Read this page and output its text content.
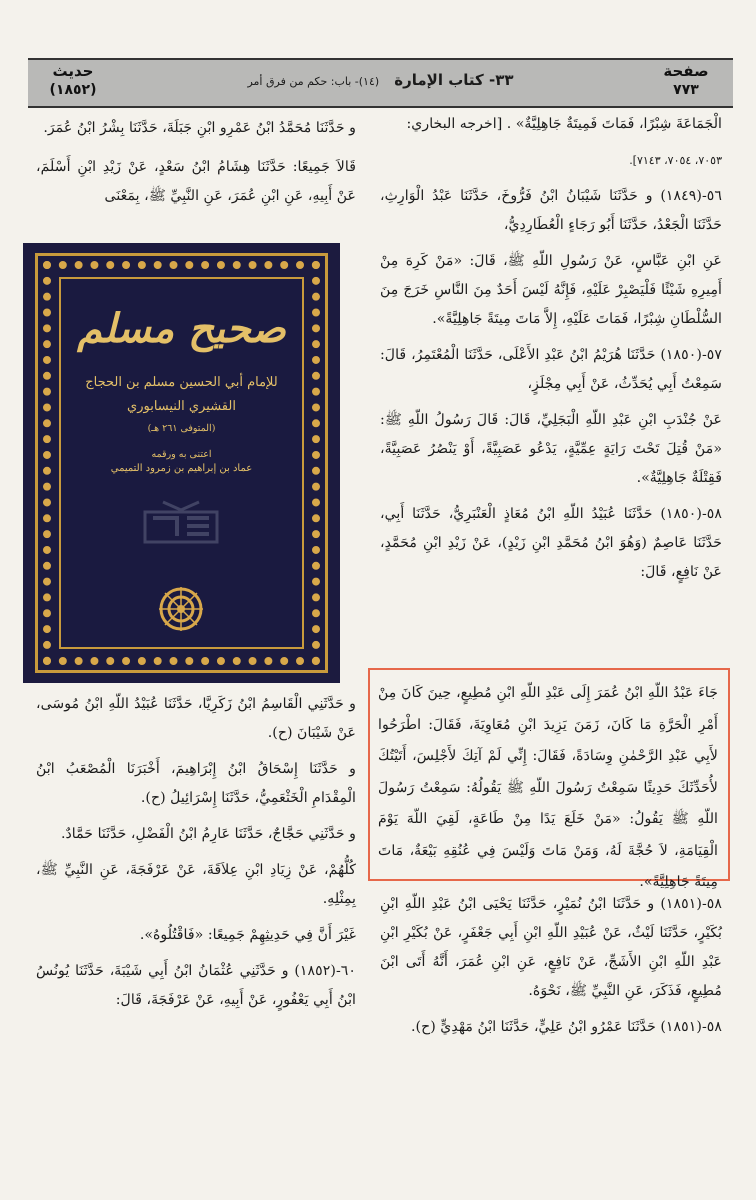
حديث
(١٨٥٢)
٣٣- كتاب الإمارة (١٤)- باب: حكم من فرق أمر
صفحة
٧٧٣
الْجَمَاعَةَ شِبْرًا، فَمَاتَ فَمِيتَةٌ جَاهِلِيَّةٌ» . [اخرجه البخاري:
٧٠٥٣، ٧٠٥٤، ٧١٤٣].
٥٦-(١٨٤٩) و حَدَّثَنَا شَيْبَانُ ابْنُ فَرُّوخَ، حَدَّثَنَا عَبْدُ الْوَارِثِ، حَدَّثَنَا الْجَعْدُ، حَدَّثَنَا أَبُو رَجَاءٍ الْعُطَارِدِيُّ،
عَنِ ابْنِ عَبَّاسٍ، عَنْ رَسُولِ اللّهِ ﷺ، قَالَ: «مَنْ كَرِهَ مِنْ أَمِيرِهِ شَيْئًا فَلْيَصْبِرْ عَلَيْهِ، فَإِنَّهُ لَيْسَ أَحَدٌ مِنَ النَّاسِ خَرَجَ مِنَ السُّلْطَانِ شِبْرًا، فَمَاتَ عَلَيْهِ، إِلاَّ مَاتَ مِيتَةً جَاهِلِيَّةً».
٥٧-(١٨٥٠) حَدَّثَنَا هُرَيْمُ ابْنُ عَبْدِ الأَعْلَى، حَدَّثَنَا الْمُعْتَمِرُ، قَالَ: سَمِعْتُ أَبِي يُحَدِّثُ، عَنْ أَبِي مِجْلَزٍ،
عَنْ جُنْدَبِ ابْنِ عَبْدِ اللّهِ الْبَجَلِيِّ، قَالَ: قَالَ رَسُولُ اللّهِ ﷺ: «مَنْ قُتِلَ تَحْتَ رَايَةٍ عِمِّيَّةٍ، يَدْعُو عَصَبِيَّةً، أَوْ يَنْصُرُ عَصَبِيَّةً، فَقِتْلَةٌ جَاهِلِيَّةٌ».
٥٨-(١٨٥٠) حَدَّثَنَا عُبَيْدُ اللّهِ ابْنُ مُعَاذٍ الْعَنْبَرِيُّ، حَدَّثَنَا أَبِي، حَدَّثَنَا عَاصِمٌ (وَهُوَ ابْنُ مُحَمَّدِ ابْنِ زَيْدٍ)، عَنْ زَيْدِ ابْنِ مُحَمَّدٍ، عَنْ نَافِعٍ، قَالَ:
جَاءَ عَبْدُ اللّهِ ابْنُ عُمَرَ إِلَى عَبْدِ اللّهِ ابْنِ مُطِيعٍ، حِينَ كَانَ مِنْ أَمْرِ الْحَرَّةِ مَا كَانَ، زَمَنَ يَزِيدَ ابْنِ مُعَاوِيَةَ، فَقَالَ: اطْرَحُوا لأَبِي عَبْدِ الرَّحْمٰنِ وِسَادَةً، فَقَالَ: إِنِّي لَمْ آتِكَ لأَجْلِسَ، أَتَيْتُكَ لأُحَدِّثَكَ حَدِيثًا سَمِعْتُ رَسُولَ اللّهِ ﷺ يَقُولُهُ: سَمِعْتُ رَسُولَ اللّهِ ﷺ يَقُولُ: «مَنْ خَلَعَ يَدًا مِنْ طَاعَةٍ، لَقِيَ اللّهَ يَوْمَ الْقِيَامَةِ، لاَ حُجَّةَ لَهُ، وَمَنْ مَاتَ وَلَيْسَ فِي عُنُقِهِ بَيْعَةٌ، مَاتَ مِيتَةً جَاهِلِيَّةً».
٥٨-(١٨٥١) و حَدَّثَنَا ابْنُ نُمَيْرٍ، حَدَّثَنَا يَحْيَى ابْنُ عَبْدِ اللّهِ ابْنِ بُكَيْرٍ، حَدَّثَنَا لَيْثٌ، عَنْ عُبَيْدِ اللّهِ ابْنِ أَبِي جَعْفَرٍ، عَنْ بُكَيْرِ ابْنِ عَبْدِ اللّهِ ابْنِ الأَشَجِّ، عَنْ نَافِعٍ، عَنِ ابْنِ عُمَرَ، أَنَّهُ أَتَى ابْنَ مُطِيعٍ، فَذَكَرَ، عَنِ النَّبِيِّ ﷺ، نَحْوَهُ.
٥٨-(١٨٥١) حَدَّثَنَا عَمْرُو ابْنُ عَلِيٍّ، حَدَّثَنَا ابْنُ مَهْدِيٍّ (ح).
و حَدَّثَنَا مُحَمَّدُ ابْنُ عَمْرِو ابْنِ جَبَلَةَ، حَدَّثَنَا بِشْرُ ابْنُ عُمَرَ.
قَالاَ جَمِيعًا: حَدَّثَنَا هِشَامُ ابْنُ سَعْدٍ، عَنْ زَيْدِ ابْنِ أَسْلَمَ، عَنْ أَبِيهِ، عَنِ ابْنِ عُمَرَ، عَنِ النَّبِيِّ ﷺ، بِمَعْنَى
و حَدَّثَنِي الْقَاسِمُ ابْنُ زَكَرِيَّا، حَدَّثَنَا عُبَيْدُ اللّهِ ابْنُ مُوسَى، عَنْ شَيْبَانَ (ح).
و حَدَّثَنَا إِسْحَاقُ ابْنُ إِبْرَاهِيمَ، أَخْبَرَنَا الْمُصْعَبُ ابْنُ الْمِقْدَامِ الْخَثْعَمِيُّ، حَدَّثَنَا إِسْرَائِيلُ (ح).
و حَدَّثَنِي حَجَّاجٌ، حَدَّثَنَا عَارِمُ ابْنُ الْفَضْلِ، حَدَّثَنَا حَمَّادٌ.
كُلُّهُمْ، عَنْ زِيَادِ ابْنِ عِلاَقَةَ، عَنْ عَرْفَجَةَ، عَنِ النَّبِيِّ ﷺ، بِمِثْلِهِ.
غَيْرَ أَنَّ فِي حَدِيثِهِمْ جَمِيعًا: «فَاقْتُلُوهُ».
٦٠-(١٨٥٢) و حَدَّثَنِي عُثْمَانُ ابْنُ أَبِي شَيْبَةَ، حَدَّثَنَا يُونُسُ ابْنُ أَبِي يَعْفُورٍ، عَنْ أَبِيهِ، عَنْ عَرْفَجَةَ، قَالَ:
صحيح مسلم
للإمام أبي الحسين مسلم بن الحجاج
القشيري النيسابوري
(المتوفى ٢٦١ هـ)
اعتنى به ورقمه
عماد بن إبراهيم بن زمرود التميمي
